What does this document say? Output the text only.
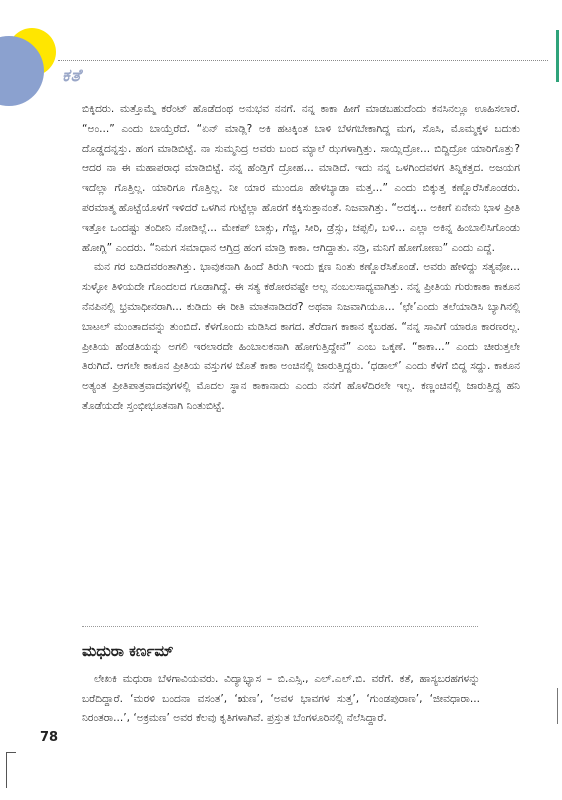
ಕತೆ

ಬಿಕ್ಕಿದರು. ಮತ್ತೊಮ್ಮೆ ಕರೆಂಟ್ ಹೊಡೆದಂಥ ಅನುಭವ ನನಗೆ. ನನ್ನ ಕಾಕಾ ಹೀಗೆ ಮಾಡಬಹುದೆಂದು ಕನಸಿನಲ್ಲೂ ಊಹಿಸಲಾರೆ. “ಅಂ...” ಎಂದು ಬಾಯ್ತೆರೆದೆ. “ಏನ್ ಮಾಡ್ಲಿ? ಅಕಿ ಹಟಕ್ಕಿಂತ ಬಾಳಿ ಬೆಳಗಬೇಕಾಗಿದ್ದ ಮಗ, ಸೊಸಿ, ಮೊಮ್ಮಕ್ಕಳ ಬದುಕು ದೊಡ್ಡದನ್ನಸ್ತು. ಹಂಗ ಮಾಡಿಬಿಟ್ಟೆ. ನಾ ಸುಮ್ಮನಿದ್ರ ಅವರು ಬಂದ ಮ್ಯಾಲೆ ಝಗಳಾಗ್ತಿತ್ತು. ಸಾಯ್ಲಿದ್ರೋ... ಬಿದ್ದಿದ್ರೋ ಯಾರಿಗೊತ್ತು? ಆದರ ನಾ ಈ ಮಹಾಪರಾಧ ಮಾಡಿಬಿಟ್ಟೆ. ನನ್ನ ಹೆಂಡ್ತಿಗೆ ದ್ರೋಹ... ಮಾಡಿದೆ. ಇದು ನನ್ನ ಒಳಗಿಂದವಳಗ ತಿನ್ನಿಕತ್ತದ. ಅಜಯಗ ಇದೆಲ್ಲಾ ಗೊತ್ತಿಲ್ಲ. ಯಾರಿಗೂ ಗೊತ್ತಿಲ್ಲ. ನೀ ಯಾರ ಮುಂದೂ ಹೇಳಬ್ಯಾಡಾ ಮತ್ತ...” ಎಂದು ಬಿಕ್ಕುತ್ತ ಕಣ್ಣೊರೆಸಿಕೊಂಡರು. ಪರಮಾತ್ಮ ಹೊಟ್ಟೆಯೊಳಗೆ ಇಳಿದರೆ ಒಳಗಿನ ಗುಟ್ಟೆಲ್ಲಾ ಹೊರಗೆ ಕಕ್ಕಿಸುತ್ತಾನಂತೆ. ನಿಜವಾಗಿತ್ತು. “ಅದಕ್ಕ... ಅಕೀಗೆ ಏನೇನು ಭಾಳ ಪ್ರೀತಿ ಇತ್ತೋ ಒಂದಷ್ಟು ತಂದೀನಿ ನೋಡಿಲ್ಲೆ... ಮೇಕಪ್ ಬಾಕ್ಸು, ಗೆಜ್ಜಿ, ಸೀರಿ, ಡ್ರೆಸ್ಸು, ಚಪ್ಪಲಿ, ಬಳಿ... ಎಲ್ಲಾ ಅಕಿನ್ನ ಹಿಂಬಾಲಿಸಿಗೊಂಡು ಹೋಗ್ಲಿ” ಎಂದರು. “ನಿಮಗ ಸಮಾಧಾನ ಆಗ್ತಿದ್ರ ಹಂಗ ಮಾಡ್ರಿ ಕಾಕಾ. ಆಗಿದ್ದಾತು. ನಡ್ರಿ, ಮನಿಗೆ ಹೋಗೋಣು” ಎಂದು ಎದ್ದೆ.

ಮನ ಗರ ಬಡಿದವರಂತಾಗಿತ್ತು. ಭಾವುಕನಾಗಿ ಹಿಂದೆ ತಿರುಗಿ ಇಂದು ಕ್ಷಣ ನಿಂತು ಕಣ್ಣೊರೆಸಿಕೊಂಡೆ. ಅವರು ಹೇಳಿದ್ದು ಸತ್ಯವೋ... ಸುಳ್ಳೋ ತಿಳಿಯದೇ ಗೊಂದಲದ ಗೂಡಾಗಿದ್ದೆ. ಈ ಸತ್ಯ ಕಠೋರವಷ್ಟೇ ಅಲ್ಲ ನಂಬಲಸಾಧ್ಯವಾಗಿತ್ತು. ನನ್ನ ಪ್ರೀತಿಯ ಗುರುಕಾಕಾ ಕಾಕೂನ ನೆನಪಿನಲ್ಲಿ ಭ್ರಮಾಧೀನರಾಗಿ... ಕುಡಿದು ಈ ರೀತಿ ಮಾತನಾಡಿದರೆ? ಅಥವಾ ನಿಜವಾಗಿಯೂ... ‘ಛೇ’ಎಂದು ತಲೆಯಾಡಿಸಿ ಬ್ಯಾಗಿನಲ್ಲಿ ಬಾಟಲ್ ಮುಂತಾದವನ್ನು ತುಂಬಿದೆ. ಕೆಳಗೊಂದು ಮಡಿಸಿದ ಕಾಗದ. ತೆರೆದಾಗ ಕಾಕಾನ ಕೈಬರಹ. “ನನ್ನ ಸಾವಿಗೆ ಯಾರೂ ಕಾರಣರಲ್ಲ. ಪ್ರೀತಿಯ ಹೆಂಡತಿಯನ್ನು ಅಗಲಿ ಇರಲಾರದೇ ಹಿಂಬಾಲಕನಾಗಿ ಹೋಗುತ್ತಿದ್ದೇನೆ” ಎಂಬ ಒಕ್ಕಣೆ. “ಕಾಕಾ...” ಎಂದು ಚೀರುತ್ತಲೇ ತಿರುಗಿದೆ. ಆಗಲೇ ಕಾಕೂನ ಪ್ರೀತಿಯ ವಸ್ತುಗಳ ಜೊತೆ ಕಾಕಾ ಅಂಚಿನಲ್ಲಿ ಜಾರುತ್ತಿದ್ದರು. ‘ಧಡಾಲ್’ ಎಂದು ಕೆಳಗೆ ಬಿದ್ದ ಸದ್ದು. ಕಾಕೂನ ಅತ್ಯಂತ ಪ್ರೀತಿಪಾತ್ರವಾದವುಗಳಲ್ಲಿ ಮೊದಲ ಸ್ಥಾನ ಕಾಕಾನಾದು ಎಂದು ನನಗೆ ಹೊಳೆದಿರಲೇ ಇಲ್ಲ. ಕಣ್ಣಂಚಿನಲ್ಲಿ ಜಾರುತ್ತಿದ್ದ ಹನಿ ತೊಡೆಯದೇ ಸ್ತಂಭೀಭೂತನಾಗಿ ನಿಂತುಬಿಟ್ಟೆ.

ಮಧುರಾ ಕರ್ಣಮ್

ಲೇಖಕಿ ಮಧುರಾ ಬೆಳಗಾವಿಯವರು. ವಿದ್ಯಾಭ್ಯಾಸ – ಬಿ.ಎಸ್ಸಿ., ಎಲ್.ಎಲ್.ಬಿ. ವರೆಗೆ. ಕತೆ, ಹಾಸ್ಯಬರಹಗಳನ್ನು ಬರೆದಿದ್ದಾರೆ. ‘ಮರಳಿ ಬಂದನಾ ವಸಂತ’, ‘ಋಣ’, ‘ಅವಳ ಭಾವಗಳ ಸುತ್ತ’, ‘ಗುಂಡಪುರಾಣ’, ‘ಜೀವಧಾರಾ... ನಿರಂತರಾ...’, ‘ಅಕ್ರಮಣ’ ಅವರ ಕೆಲವು ಕೃತಿಗಳಾಗಿವೆ. ಪ್ರಸ್ತುತ ಬೆಂಗಳೂರಿನಲ್ಲಿ ನೆಲೆಸಿದ್ದಾರೆ.

78
